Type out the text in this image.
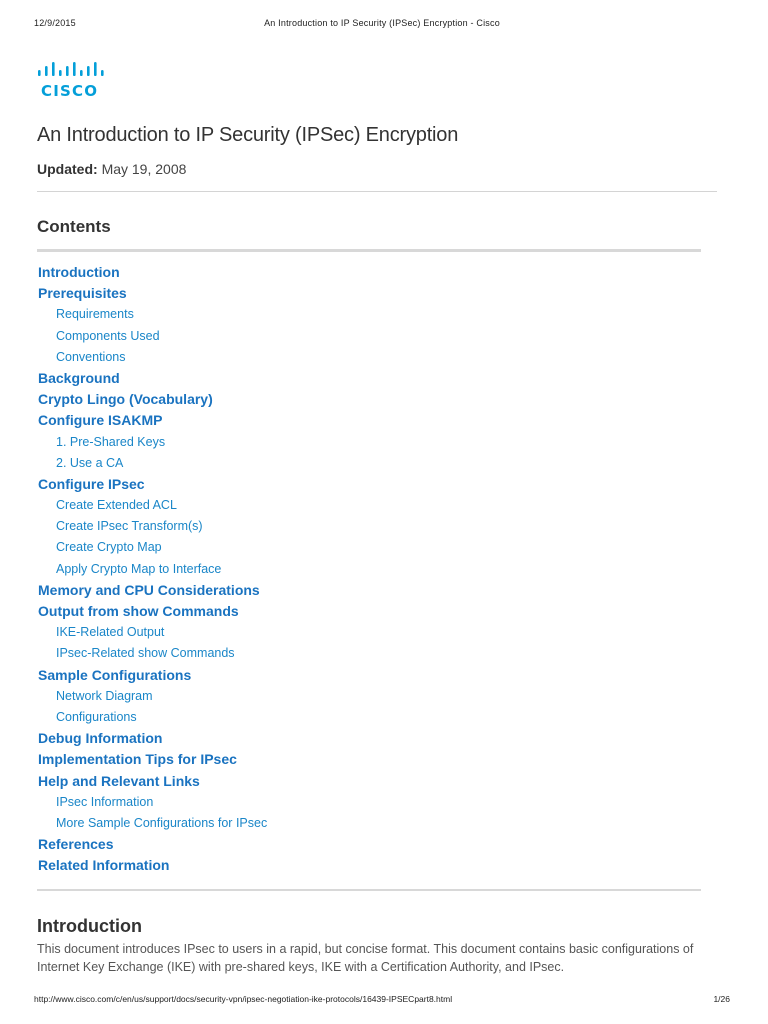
12/9/2015	An Introduction to IP Security (IPSec) Encryption - Cisco
CISCO
An Introduction to IP Security (IPSec) Encryption
Updated: May 19, 2008
Contents
Introduction
Prerequisites
Requirements
Components Used
Conventions
Background
Crypto Lingo (Vocabulary)
Configure ISAKMP
1. Pre-Shared Keys
2. Use a CA
Configure IPsec
Create Extended ACL
Create IPsec Transform(s)
Create Crypto Map
Apply Crypto Map to Interface
Memory and CPU Considerations
Output from show Commands
IKE-Related Output
IPsec-Related show Commands
Sample Configurations
Network Diagram
Configurations
Debug Information
Implementation Tips for IPsec
Help and Relevant Links
IPsec Information
More Sample Configurations for IPsec
References
Related Information
Introduction

This document introduces IPsec to users in a rapid, but concise format. This document contains basic configurations of Internet Key Exchange (IKE) with pre-shared keys, IKE with a Certification Authority, and IPsec.

http://www.cisco.com/c/en/us/support/docs/security-vpn/ipsec-negotiation-ike-protocols/16439-IPSECpart8.html	1/26
